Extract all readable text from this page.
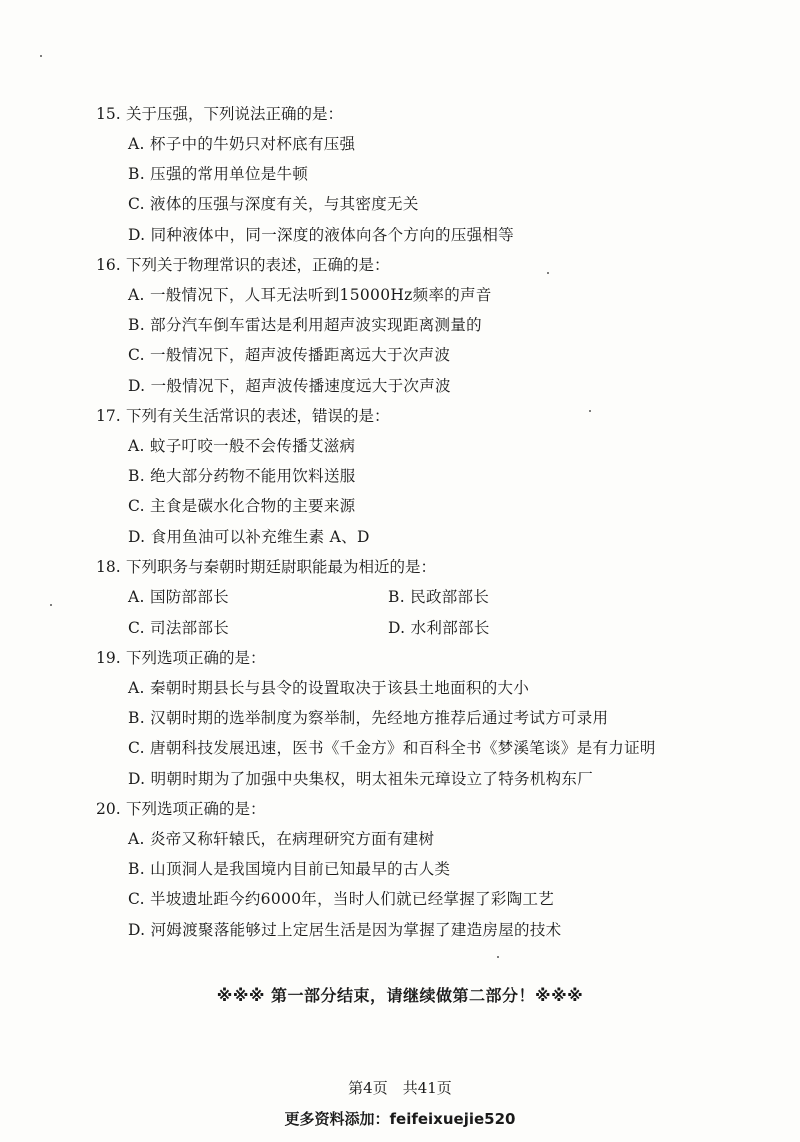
15. 关于压强，下列说法正确的是：
A. 杯子中的牛奶只对杯底有压强
B. 压强的常用单位是牛顿
C. 液体的压强与深度有关，与其密度无关
D. 同种液体中，同一深度的液体向各个方向的压强相等
16. 下列关于物理常识的表述，正确的是：
A. 一般情况下，人耳无法听到15000Hz频率的声音
B. 部分汽车倒车雷达是利用超声波实现距离测量的
C. 一般情况下，超声波传播距离远大于次声波
D. 一般情况下，超声波传播速度远大于次声波
17. 下列有关生活常识的表述，错误的是：
A. 蚊子叮咬一般不会传播艾滋病
B. 绝大部分药物不能用饮料送服
C. 主食是碳水化合物的主要来源
D. 食用鱼油可以补充维生素 A、D
18. 下列职务与秦朝时期廷尉职能最为相近的是：
A. 国防部部长	B. 民政部部长
C. 司法部部长	D. 水利部部长
19. 下列选项正确的是：
A. 秦朝时期县长与县令的设置取决于该县土地面积的大小
B. 汉朝时期的选举制度为察举制，先经地方推荐后通过考试方可录用
C. 唐朝科技发展迅速，医书《千金方》和百科全书《梦溪笔谈》是有力证明
D. 明朝时期为了加强中央集权，明太祖朱元璋设立了特务机构东厂
20. 下列选项正确的是：
A. 炎帝又称轩辕氏，在病理研究方面有建树
B. 山顶洞人是我国境内目前已知最早的古人类
C. 半坡遗址距今约6000年，当时人们就已经掌握了彩陶工艺
D. 河姆渡聚落能够过上定居生活是因为掌握了建造房屋的技术
※※※ 第一部分结束，请继续做第二部分！※※※
第4页　共41页
更多资料添加：feifeixuejie520
